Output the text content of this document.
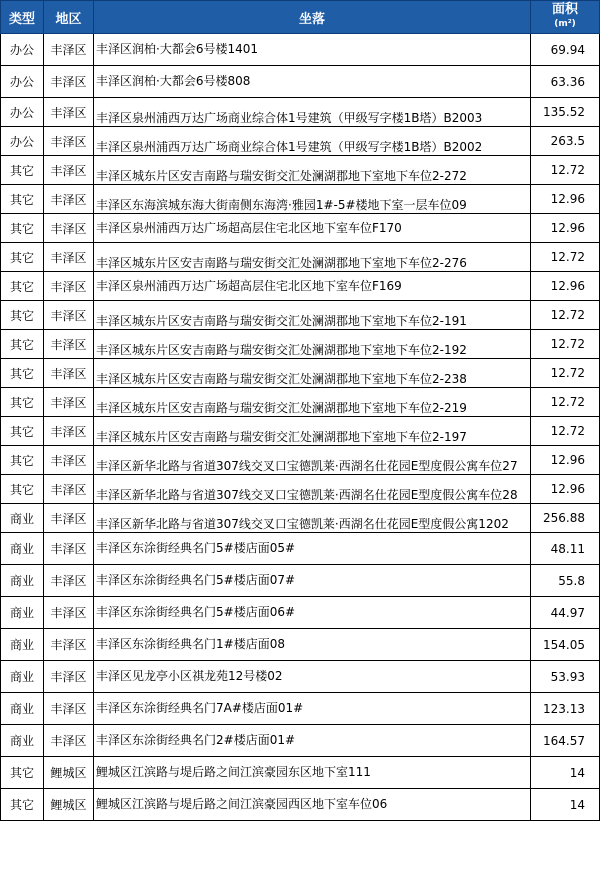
类型	地区	坐落	面积
(m²)

办公	丰泽区	丰泽区润柏·大都会6号楼1401	69.94
办公	丰泽区	丰泽区润柏·大都会6号楼808	63.36
办公	丰泽区	丰泽区泉州浦西万达广场商业综合体1号建筑（甲级写字楼1B塔）B2003	135.52
办公	丰泽区	丰泽区泉州浦西万达广场商业综合体1号建筑（甲级写字楼1B塔）B2002	263.5
其它	丰泽区	丰泽区城东片区安吉南路与瑞安街交汇处澜湖郡地下室地下车位2-272	12.72
其它	丰泽区	丰泽区东海滨城东海大街南侧东海湾·雅园1#-5#楼地下室一层车位09	12.96
其它	丰泽区	丰泽区泉州浦西万达广场超高层住宅北区地下室车位F170	12.96
其它	丰泽区	丰泽区城东片区安吉南路与瑞安街交汇处澜湖郡地下室地下车位2-276	12.72
其它	丰泽区	丰泽区泉州浦西万达广场超高层住宅北区地下室车位F169	12.96
其它	丰泽区	丰泽区城东片区安吉南路与瑞安街交汇处澜湖郡地下室地下车位2-191	12.72
其它	丰泽区	丰泽区城东片区安吉南路与瑞安街交汇处澜湖郡地下室地下车位2-192	12.72
其它	丰泽区	丰泽区城东片区安吉南路与瑞安街交汇处澜湖郡地下室地下车位2-238	12.72
其它	丰泽区	丰泽区城东片区安吉南路与瑞安街交汇处澜湖郡地下室地下车位2-219	12.72
其它	丰泽区	丰泽区城东片区安吉南路与瑞安街交汇处澜湖郡地下室地下车位2-197	12.72
其它	丰泽区	丰泽区新华北路与省道307线交叉口宝德凯莱·西湖名仕花园E型度假公寓车位27	12.96
其它	丰泽区	丰泽区新华北路与省道307线交叉口宝德凯莱·西湖名仕花园E型度假公寓车位28	12.96
商业	丰泽区	丰泽区新华北路与省道307线交叉口宝德凯莱·西湖名仕花园E型度假公寓1202	256.88
商业	丰泽区	丰泽区东涂街经典名门5#楼店面05#	48.11
商业	丰泽区	丰泽区东涂街经典名门5#楼店面07#	55.8
商业	丰泽区	丰泽区东涂街经典名门5#楼店面06#	44.97
商业	丰泽区	丰泽区东涂街经典名门1#楼店面08	154.05
商业	丰泽区	丰泽区见龙亭小区祺龙苑12号楼02	53.93
商业	丰泽区	丰泽区东涂街经典名门7A#楼店面01#	123.13
商业	丰泽区	丰泽区东涂街经典名门2#楼店面01#	164.57
其它	鲤城区	鲤城区江滨路与堤后路之间江滨豪园东区地下室111	14
其它	鲤城区	鲤城区江滨路与堤后路之间江滨豪园西区地下室车位06	14
